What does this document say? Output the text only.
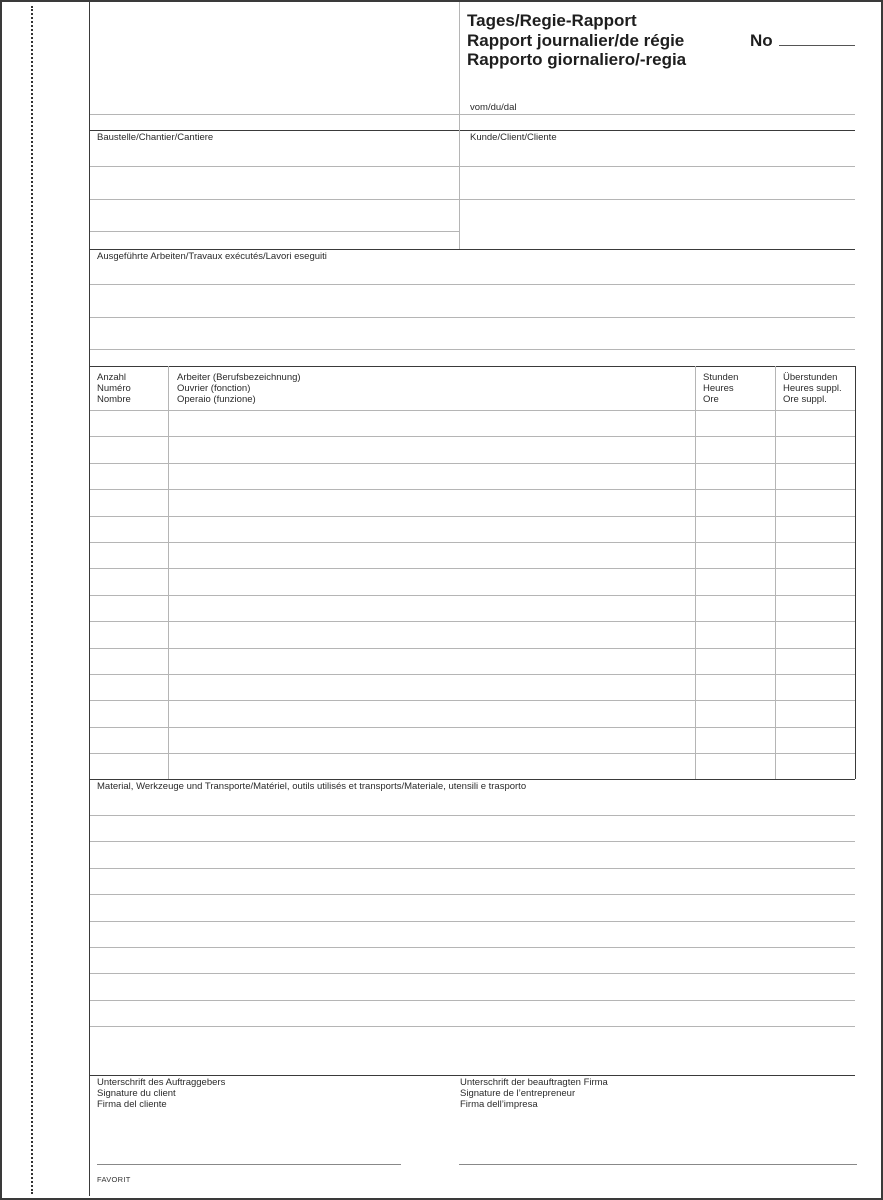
Tages/Regie-Rapport
Rapport journalier/de régie
Rapporto giornaliero/-regia
No
vom/du/dal
Baustelle/Chantier/Cantiere	Kunde/Client/Cliente
Ausgeführte Arbeiten/Travaux exécutés/Lavori eseguiti
Anzahl
Numéro
Nombre
Arbeiter (Berufsbezeichnung)
Ouvrier (fonction)
Operaio (funzione)
Stunden
Heures
Ore
Überstunden
Heures suppl.
Ore suppl.
Material, Werkzeuge und Transporte/Matériel, outils utilisés et transports/Materiale, utensili e trasporto
Unterschrift des Auftraggebers
Signature du client
Firma del cliente
Unterschrift der beauftragten Firma
Signature de l’entrepreneur
Firma dell’impresa
FAVORIT
